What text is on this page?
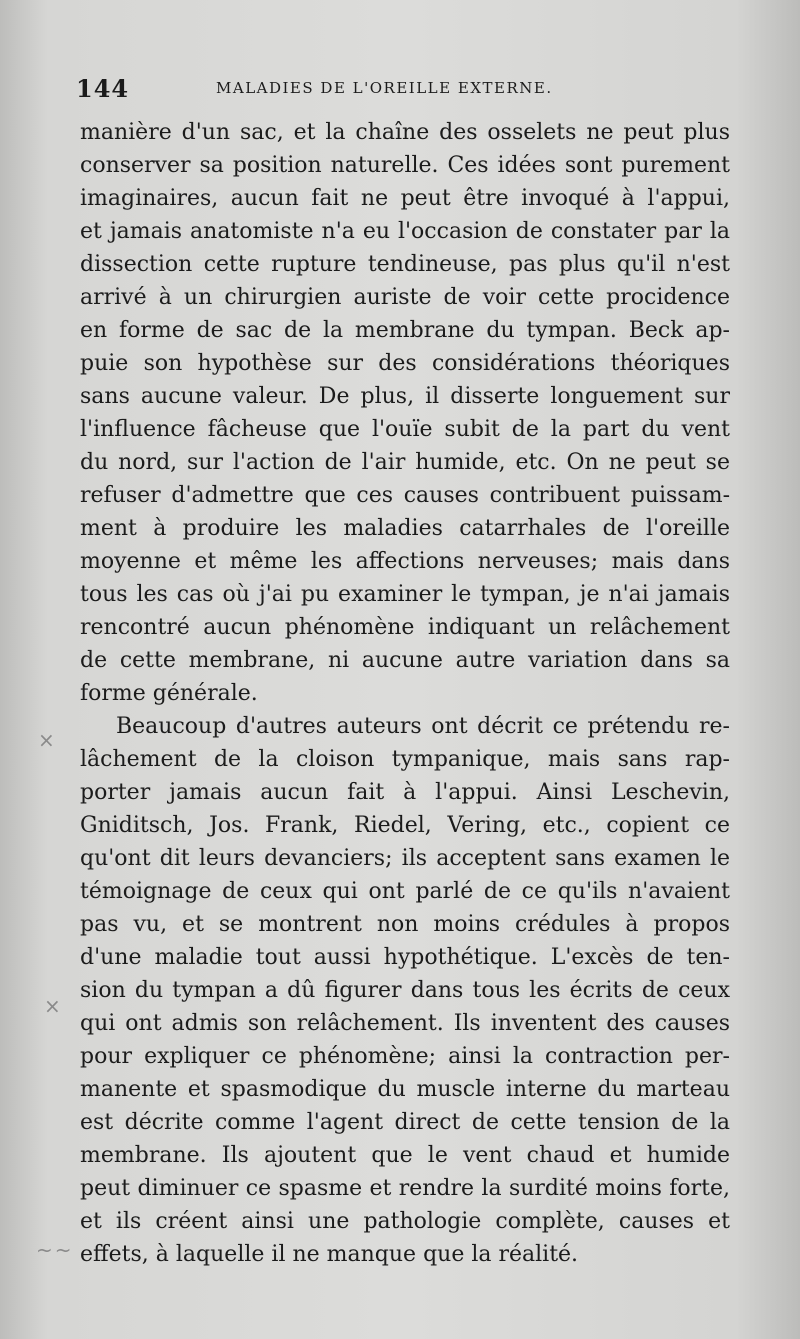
144	MALADIES DE L'OREILLE EXTERNE.
manière d'un sac, et la chaîne des osselets ne peut plus
conserver sa position naturelle. Ces idées sont purement
imaginaires, aucun fait ne peut être invoqué à l'appui,
et jamais anatomiste n'a eu l'occasion de constater par la
dissection cette rupture tendineuse, pas plus qu'il n'est
arrivé à un chirurgien auriste de voir cette procidence
en forme de sac de la membrane du tympan. Beck ap-
puie son hypothèse sur des considérations théoriques
sans aucune valeur. De plus, il disserte longuement sur
l'influence fâcheuse que l'ouïe subit de la part du vent
du nord, sur l'action de l'air humide, etc. On ne peut se
refuser d'admettre que ces causes contribuent puissam-
ment à produire les maladies catarrhales de l'oreille
moyenne et même les affections nerveuses; mais dans
tous les cas où j'ai pu examiner le tympan, je n'ai jamais
rencontré aucun phénomène indiquant un relâchement
de cette membrane, ni aucune autre variation dans sa
forme générale.
Beaucoup d'autres auteurs ont décrit ce prétendu re-
lâchement de la cloison tympanique, mais sans rap-
porter jamais aucun fait à l'appui. Ainsi Leschevin,
Gniditsch, Jos. Frank, Riedel, Vering, etc., copient ce
qu'ont dit leurs devanciers; ils acceptent sans examen le
témoignage de ceux qui ont parlé de ce qu'ils n'avaient
pas vu, et se montrent non moins crédules à propos
d'une maladie tout aussi hypothétique. L'excès de ten-
sion du tympan a dû figurer dans tous les écrits de ceux
qui ont admis son relâchement. Ils inventent des causes
pour expliquer ce phénomène; ainsi la contraction per-
manente et spasmodique du muscle interne du marteau
est décrite comme l'agent direct de cette tension de la
membrane. Ils ajoutent que le vent chaud et humide
peut diminuer ce spasme et rendre la surdité moins forte,
et ils créent ainsi une pathologie complète, causes et
effets, à laquelle il ne manque que la réalité.
×
×
~~
